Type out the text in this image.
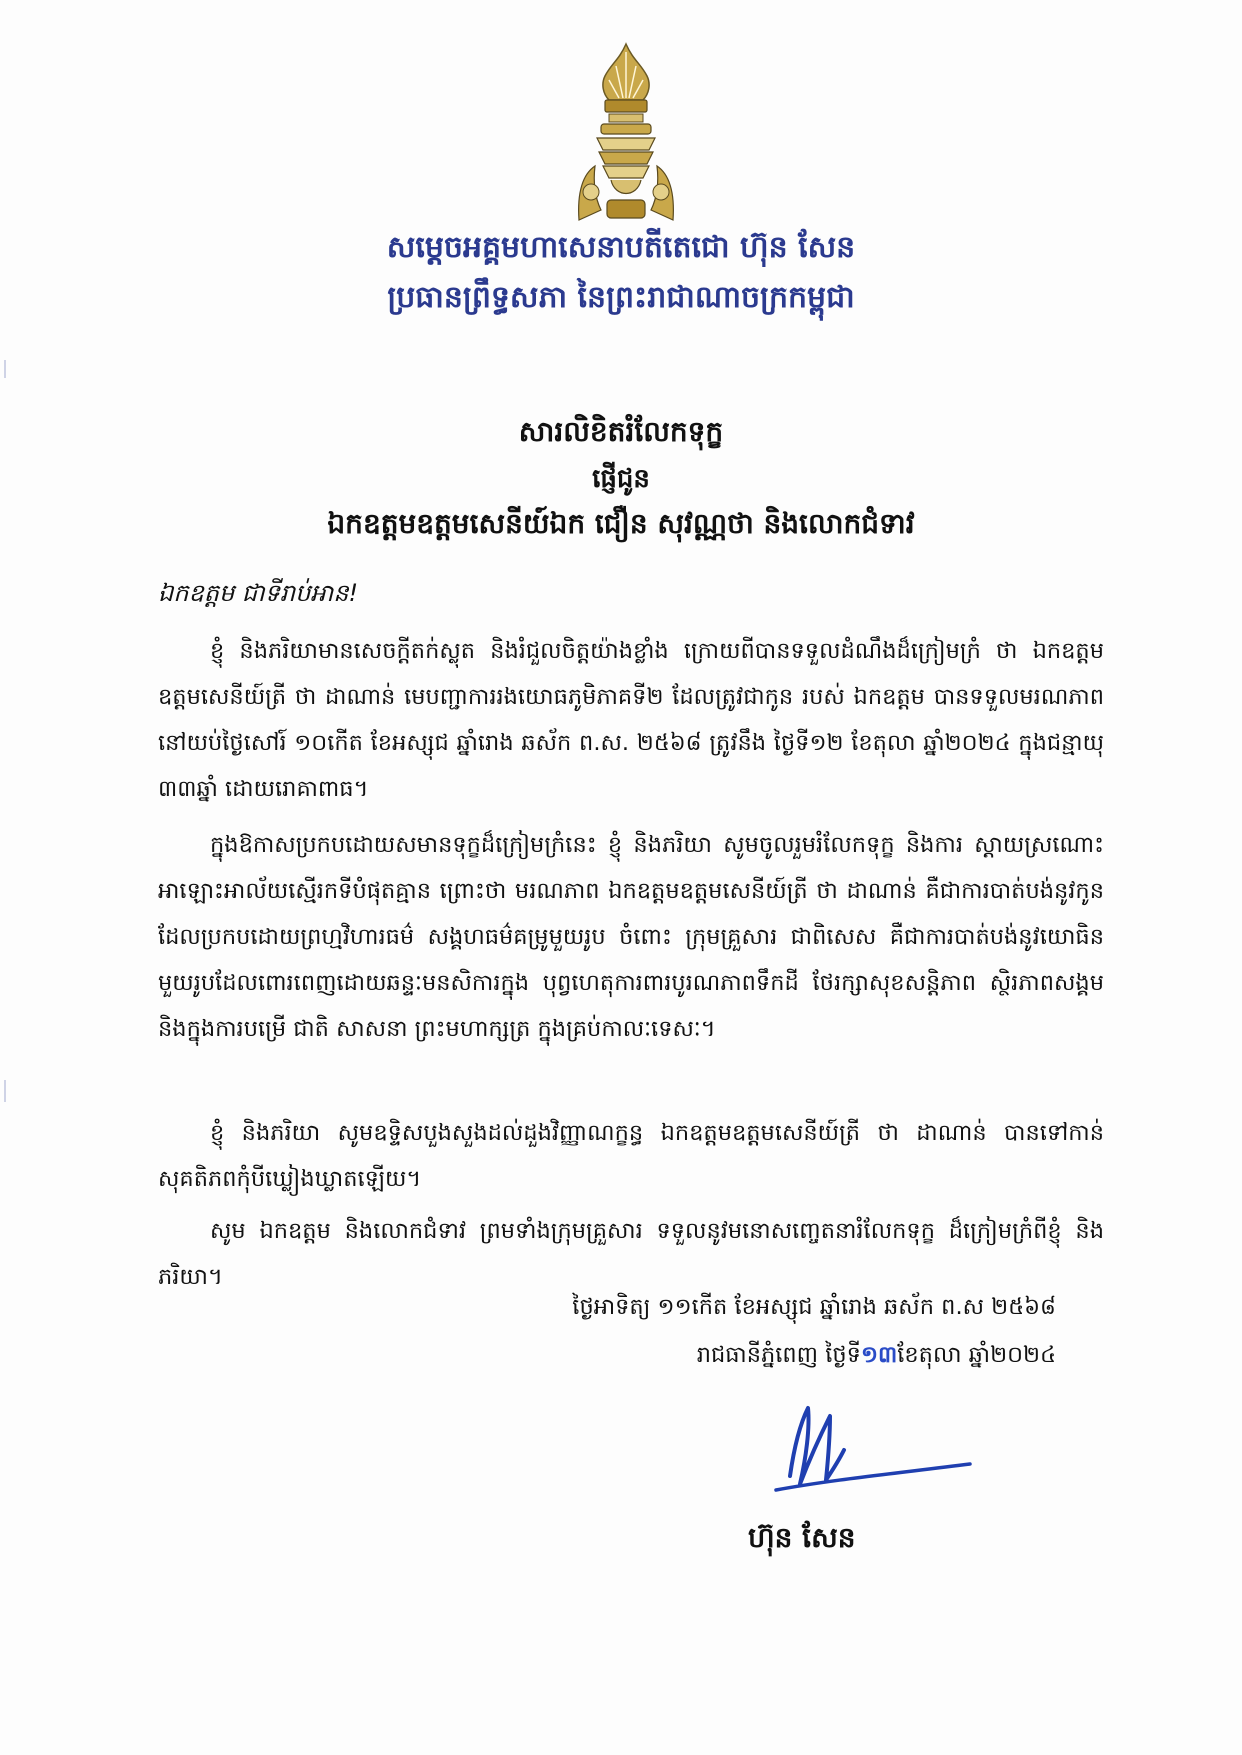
សម្តេចអគ្គមហាសេនាបតីតេជោ ហ៊ុន សែន
ប្រធានព្រឹទ្ធសភា នៃព្រះរាជាណាចក្រកម្ពុជា
សារលិខិតរំលែកទុក្ខ
ផ្ញើជូន
ឯកឧត្តមឧត្តមសេនីយ៍ឯក ជឿន សុវណ្ណថា និងលោកជំទាវ
ឯកឧត្តម ជាទីរាប់អាន!
ខ្ញុំ និងភរិយាមានសេចក្តីតក់ស្លុត និងរំជួលចិត្តយ៉ាងខ្លាំង ក្រោយពីបានទទួលដំណឹងដ៏ក្រៀមក្រំ ថា ឯកឧត្តមឧត្តមសេនីយ៍ត្រី ថា ដាណាន់ មេបញ្ជាការរងយោធភូមិភាគទី២ ដែលត្រូវជាកូន របស់ ឯកឧត្តម បានទទួលមរណភាព នៅយប់ថ្ងៃសៅរ៍ ១០កើត ខែអស្សុជ ឆ្នាំរោង ឆស័ក ព.ស. ២៥៦៨ ត្រូវនឹង ថ្ងៃទី១២ ខែតុលា ឆ្នាំ២០២៤ ក្នុងជន្មាយុ ៣៣ឆ្នាំ ដោយរោគាពាធ។
ក្នុងឱកាសប្រកបដោយសមានទុក្ខដ៏ក្រៀមក្រំនេះ ខ្ញុំ និងភរិយា សូមចូលរួមរំលែកទុក្ខ និងការ ស្តាយស្រណោះ អាឡោះអាល័យស្មើរកទីបំផុតគ្មាន ព្រោះថា មរណភាព ឯកឧត្តមឧត្តមសេនីយ៍ត្រី ថា ដាណាន់ គឺជាការបាត់បង់នូវកូន ដែលប្រកបដោយព្រហ្មវិហារធម៌ សង្គហធម៌គម្រូមួយរូប ចំពោះ ក្រុមគ្រួសារ ជាពិសេស គឺជាការបាត់បង់នូវយោធិនមួយរូបដែលពោរពេញដោយឆន្ទៈមនសិការក្នុង បុព្វហេតុការពារបូរណភាពទឹកដី ថែរក្សាសុខសន្តិភាព ស្ថិរភាពសង្គម និងក្នុងការបម្រើ ជាតិ សាសនា ព្រះមហាក្សត្រ ក្នុងគ្រប់កាលៈទេសៈ។
ខ្ញុំ និងភរិយា សូមឧទ្ទិសបួងសួងដល់ដួងវិញ្ញាណក្ខន្ធ ឯកឧត្តមឧត្តមសេនីយ៍ត្រី ថា ដាណាន់ បានទៅកាន់សុគតិភពកុំបីឃ្លៀងឃ្លាតឡើយ។
សូម ឯកឧត្តម និងលោកជំទាវ ព្រមទាំងក្រុមគ្រួសារ ទទួលនូវមនោសញ្ចេតនារំលែកទុក្ខ ដ៏ក្រៀមក្រំពីខ្ញុំ និងភរិយា។
ថ្ងៃអាទិត្យ ១១កើត ខែអស្សុជ ឆ្នាំរោង ឆស័ក ព.ស ២៥៦៨
រាជធានីភ្នំពេញ ថ្ងៃទី១៣ខែតុលា ឆ្នាំ២០២៤
ហ៊ុន សែន
